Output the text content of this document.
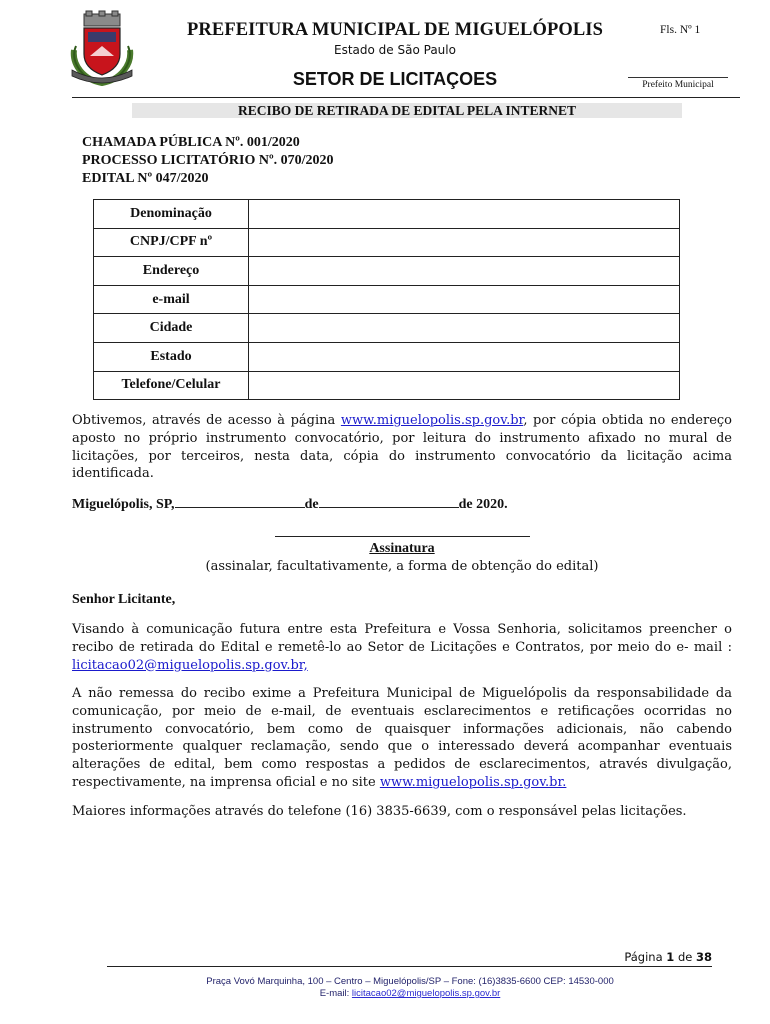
PREFEITURA MUNICIPAL DE MIGUELÓPOLIS
Estado de São Paulo
SETOR DE LICITAÇOES
Fls. Nº 1
Prefeito Municipal
RECIBO DE RETIRADA DE EDITAL PELA INTERNET
CHAMADA PÚBLICA Nº. 001/2020
PROCESSO LICITATÓRIO Nº. 070/2020
EDITAL Nº 047/2020
Denominação	
CNPJ/CPF nº	
Endereço	
e-mail	
Cidade	
Estado	
Telefone/Celular	
Obtivemos, através de acesso à página www.miguelopolis.sp.gov.br, por cópia obtida no endereço aposto no próprio instrumento convocatório, por leitura do instrumento afixado no mural de licitações, por terceiros, nesta data, cópia do instrumento convocatório da licitação acima identificada.
Miguelópolis, SP,	de	de 2020.
Assinatura
(assinalar, facultativamente, a forma de obtenção do edital)
Senhor Licitante,
Visando à comunicação futura entre esta Prefeitura e Vossa Senhoria, solicitamos preencher o recibo de retirada do Edital e remetê-lo ao Setor de Licitações e Contratos, por meio do e- mail : licitacao02@miguelopolis.sp.gov.br,
A não remessa do recibo exime a Prefeitura Municipal de Miguelópolis da responsabilidade da comunicação, por meio de e-mail, de eventuais esclarecimentos e retificações ocorridas no instrumento convocatório, bem como de quaisquer informações adicionais, não cabendo posteriormente qualquer reclamação, sendo que o interessado deverá acompanhar eventuais alterações de edital, bem como respostas a pedidos de esclarecimentos, através divulgação, respectivamente, na imprensa oficial e no site www.miguelopolis.sp.gov.br.
Maiores informações através do telefone (16) 3835-6639, com o responsável pelas licitações.
Página 1 de 38
Praça Vovó Marquinha, 100 – Centro – Miguelópolis/SP – Fone: (16)3835-6600 CEP: 14530-000
E-mail: licitacao02@miguelopolis.sp.gov.br
